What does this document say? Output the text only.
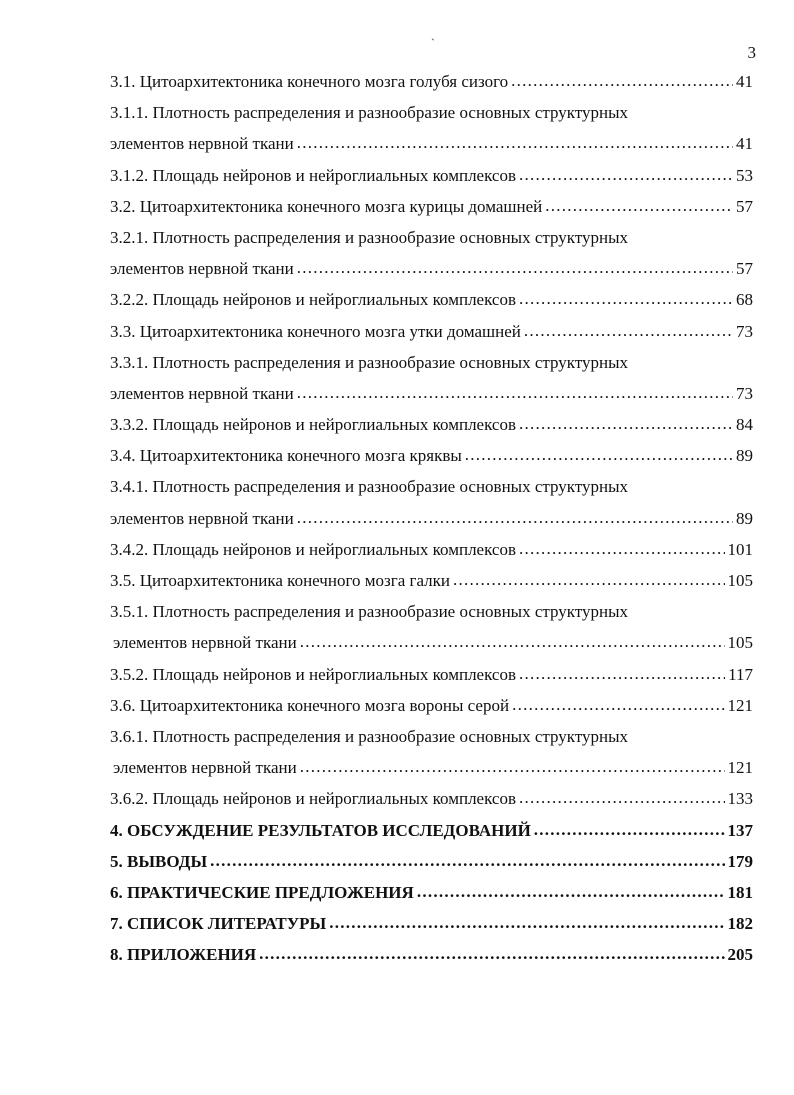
`	3
3.1. Цитоархитектоника конечного мозга голубя сизого . . .	41
3.1.1. Плотность распределения и разнообразие основных структурных
элементов нервной ткани . . .	41
3.1.2. Площадь нейронов и нейроглиальных комплексов . . .	53
3.2. Цитоархитектоника конечного мозга курицы домашней . . .	57
3.2.1. Плотность распределения и разнообразие основных структурных
элементов нервной ткани . . .	57
3.2.2. Площадь нейронов и нейроглиальных комплексов . . .	68
3.3. Цитоархитектоника конечного мозга утки домашней . . .	73
3.3.1. Плотность распределения и разнообразие основных структурных
элементов нервной ткани . . .	73
3.3.2. Площадь нейронов и нейроглиальных комплексов . . .	84
3.4. Цитоархитектоника конечного мозга кряквы . . .	89
3.4.1. Плотность распределения и разнообразие основных структурных
элементов нервной ткани . . .	89
3.4.2. Площадь нейронов и нейроглиальных комплексов . . .	101
3.5. Цитоархитектоника конечного мозга галки . . .	105
3.5.1. Плотность распределения и разнообразие основных структурных
элементов нервной ткани . . .	105
3.5.2. Площадь нейронов и нейроглиальных комплексов . . .	117
3.6. Цитоархитектоника конечного мозга вороны серой . . .	121
3.6.1. Плотность распределения и разнообразие основных структурных
элементов нервной ткани . . .	121
3.6.2. Площадь нейронов и нейроглиальных комплексов . . .	133
4. ОБСУЖДЕНИЕ РЕЗУЛЬТАТОВ ИССЛЕДОВАНИЙ . . .	137
5. ВЫВОДЫ . . .	179
6. ПРАКТИЧЕСКИЕ ПРЕДЛОЖЕНИЯ . . .	181
7. СПИСОК ЛИТЕРАТУРЫ . . .	182
8. ПРИЛОЖЕНИЯ . . .	205
